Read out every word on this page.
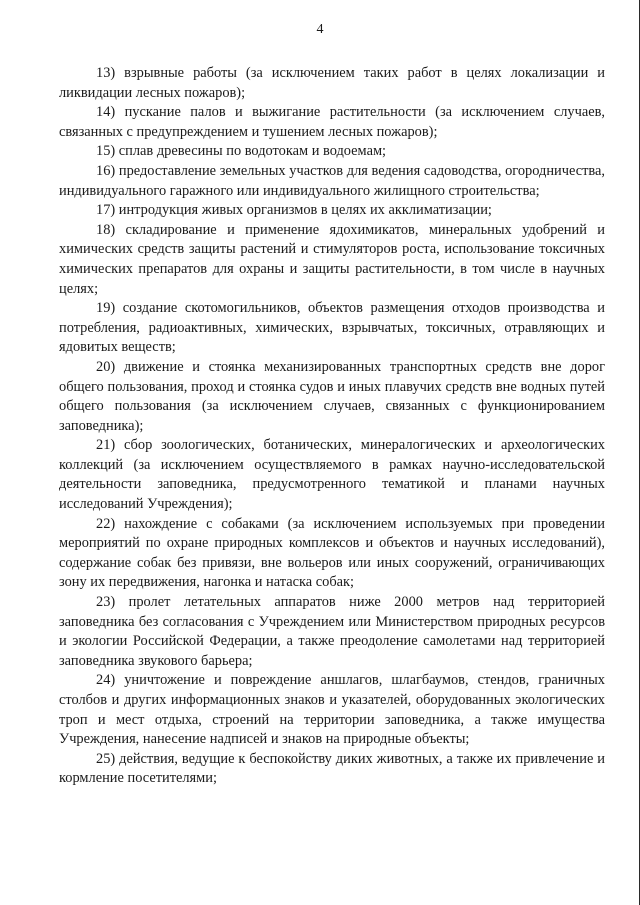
4

13) взрывные работы (за исключением таких работ в целях локализации и ликвидации лесных пожаров);

14) пускание палов и выжигание растительности (за исключением случаев, связанных с предупреждением и тушением лесных пожаров);

15) сплав древесины по водотокам и водоемам;

16) предоставление земельных участков для ведения садоводства, огородничества, индивидуального гаражного или индивидуального жилищного строительства;

17) интродукция живых организмов в целях их акклиматизации;

18) складирование и применение ядохимикатов, минеральных удобрений и химических средств защиты растений и стимуляторов роста, использование токсичных химических препаратов для охраны и защиты растительности, в том числе в научных целях;

19) создание скотомогильников, объектов размещения отходов производства и потребления, радиоактивных, химических, взрывчатых, токсичных, отравляющих и ядовитых веществ;

20) движение и стоянка механизированных транспортных средств вне дорог общего пользования, проход и стоянка судов и иных плавучих средств вне водных путей общего пользования (за исключением случаев, связанных с функционированием заповедника);

21) сбор зоологических, ботанических, минералогических и археологических коллекций (за исключением осуществляемого в рамках научно-исследовательской деятельности заповедника, предусмотренного тематикой и планами научных исследований Учреждения);

22) нахождение с собаками (за исключением используемых при проведении мероприятий по охране природных комплексов и объектов и научных исследований), содержание собак без привязи, вне вольеров или иных сооружений, ограничивающих зону их передвижения, нагонка и натаска собак;

23) пролет летательных аппаратов ниже 2000 метров над территорией заповедника без согласования с Учреждением или Министерством природных ресурсов и экологии Российской Федерации, а также преодоление самолетами над территорией заповедника звукового барьера;

24) уничтожение и повреждение аншлагов, шлагбаумов, стендов, граничных столбов и других информационных знаков и указателей, оборудованных экологических троп и мест отдыха, строений на территории заповедника, а также имущества Учреждения, нанесение надписей и знаков на природные объекты;

25) действия, ведущие к беспокойству диких животных, а также их привлечение и кормление посетителями;
